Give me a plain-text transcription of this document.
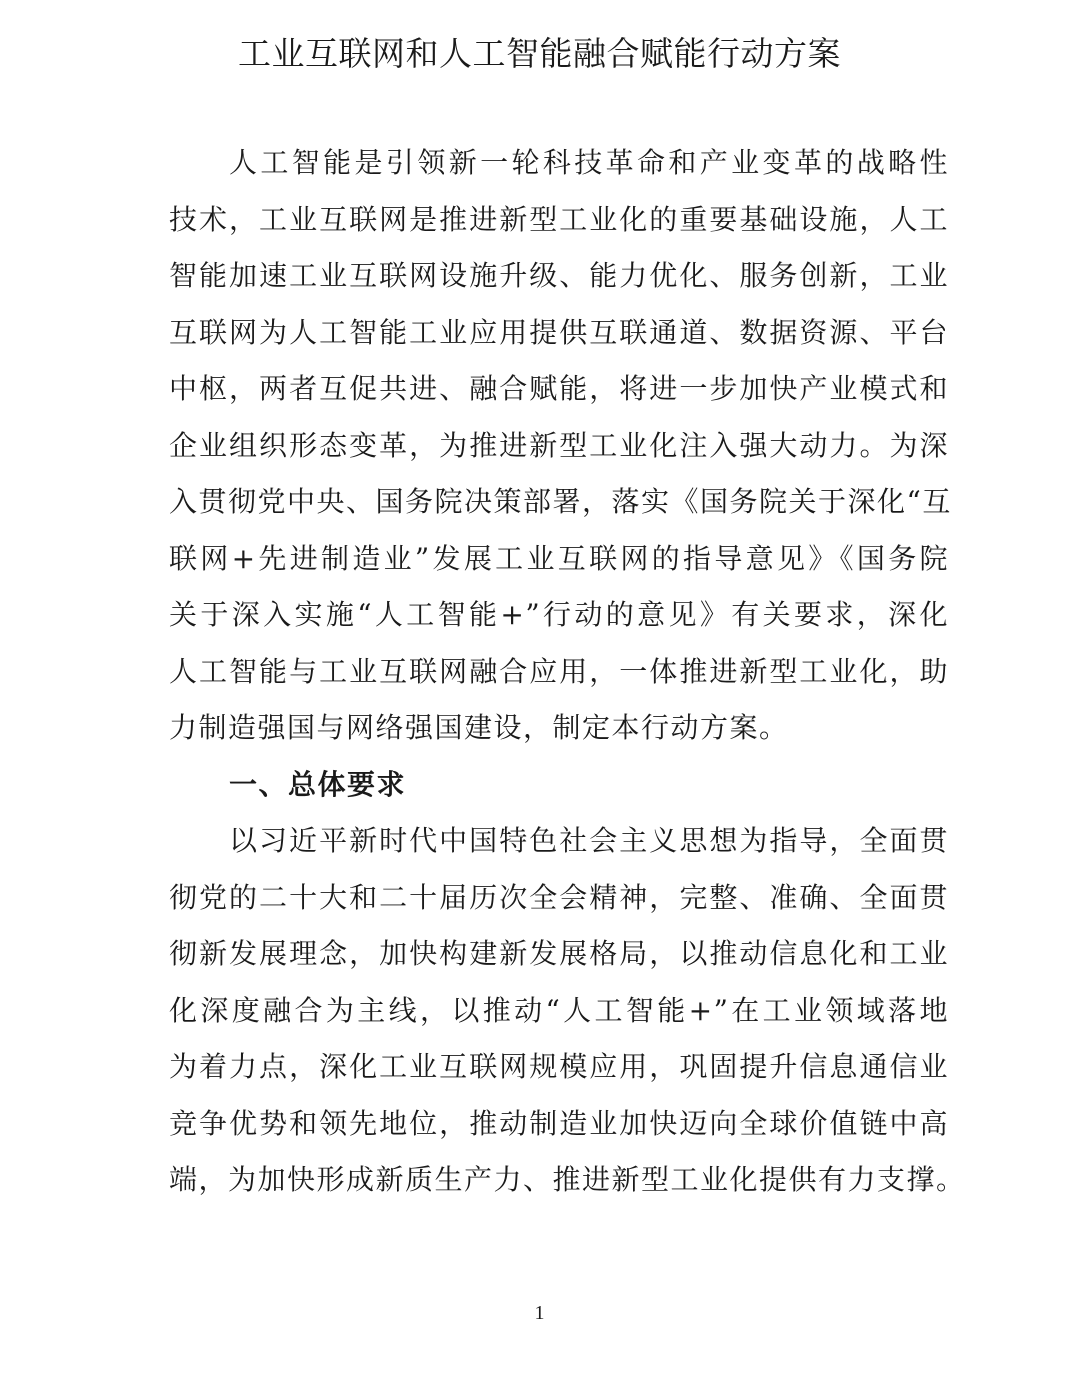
工业互联网和人工智能融合赋能行动方案
人工智能是引领新一轮科技革命和产业变革的战略性
技术，工业互联网是推进新型工业化的重要基础设施，人工
智能加速工业互联网设施升级、能力优化、服务创新，工业
互联网为人工智能工业应用提供互联通道、数据资源、平台
中枢，两者互促共进、融合赋能，将进一步加快产业模式和
企业组织形态变革，为推进新型工业化注入强大动力。为深
入贯彻党中央、国务院决策部署，落实《国务院关于深化“互
联网+先进制造业”发展工业互联网的指导意见》《国务院
关于深入实施“人工智能+”行动的意见》有关要求，深化
人工智能与工业互联网融合应用，一体推进新型工业化，助
力制造强国与网络强国建设，制定本行动方案。
一、总体要求
以习近平新时代中国特色社会主义思想为指导，全面贯
彻党的二十大和二十届历次全会精神，完整、准确、全面贯
彻新发展理念，加快构建新发展格局，以推动信息化和工业
化深度融合为主线，以推动“人工智能+”在工业领域落地
为着力点，深化工业互联网规模应用，巩固提升信息通信业
竞争优势和领先地位，推动制造业加快迈向全球价值链中高
端，为加快形成新质生产力、推进新型工业化提供有力支撑。
1
